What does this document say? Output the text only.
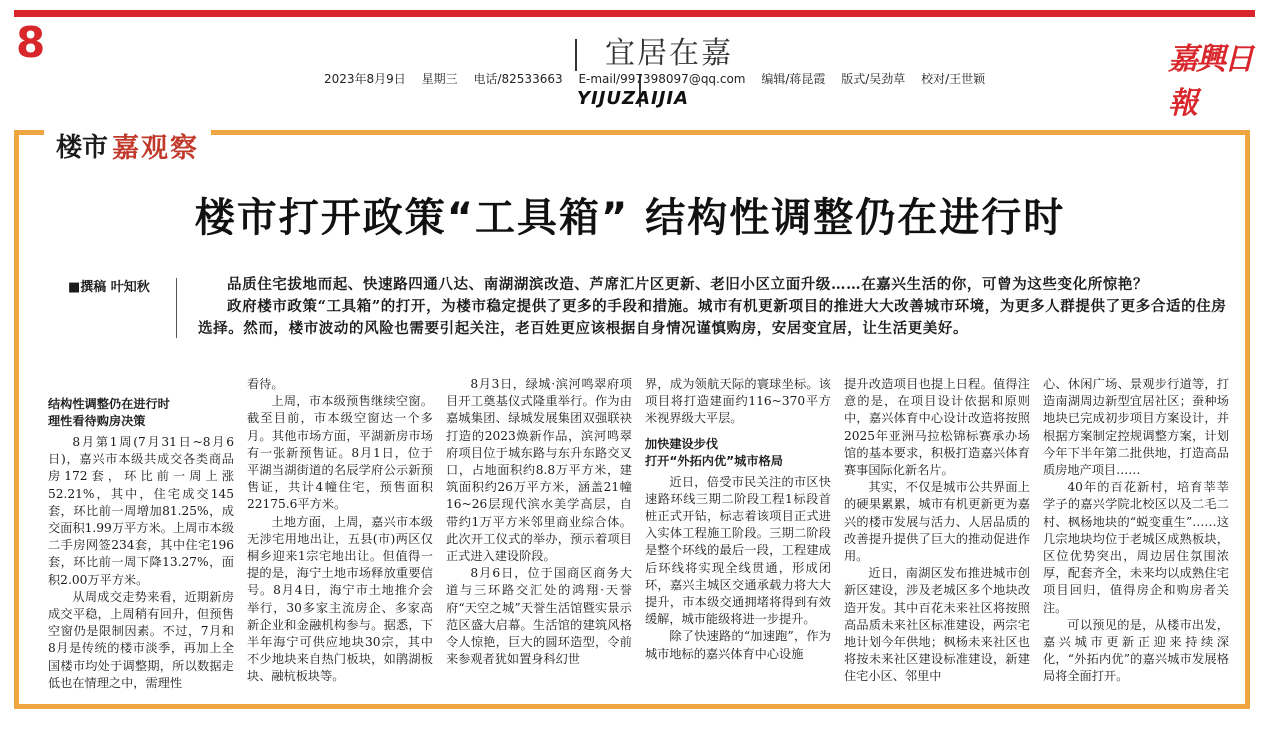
8	宜居在嘉
2023年8月9日 星期三 电话/82533663 E-mail/997398097@qq.com 编辑/蒋昆霞 版式/吴劲草 校对/王世颖
YIJUZAIJIA
嘉興日報
楼市 嘉观察
楼市打开政策“工具箱” 结构性调整仍在进行时
■撰稿 叶知秋	品质住宅拔地而起、快速路四通八达、南湖湖滨改造、芦席汇片区更新、老旧小区立面升级……在嘉兴生活的你，可曾为这些变化所惊艳？

政府楼市政策“工具箱”的打开，为楼市稳定提供了更多的手段和措施。城市有机更新项目的推进大大改善城市环境，为更多人群提供了更多合适的住房选择。然而，楼市波动的风险也需要引起关注，老百姓更应该根据自身情况谨慎购房，安居变宜居，让生活更美好。

结构性调整仍在进行时
理性看待购房决策

8月第1周(7月31日~8月6日)，嘉兴市本级共成交各类商品房172套，环比前一周上涨52.21%，其中，住宅成交145套，环比前一周增加81.25%，成交面积1.99万平方米。上周市本级二手房网签234套，其中住宅196套，环比前一周下降13.27%，面积2.00万平方米。

从周成交走势来看，近期新房成交平稳，上周稍有回升，但预售空窗仍是限制因素。不过，7月和8月是传统的楼市淡季，再加上全国楼市均处于调整期，所以数据走低也在情理之中，需理性

看待。

上周，市本级预售继续空窗。截至目前，市本级空窗达一个多月。其他市场方面，平湖新房市场有一张新预售证。8月1日，位于平湖当湖街道的名辰学府公示新预售证，共计4幢住宅，预售面积22175.6平方米。

土地方面，上周，嘉兴市本级无涉宅用地出让，五县(市)两区仅桐乡迎来1宗宅地出让。但值得一提的是，海宁土地市场释放重要信号。8月4日，海宁市土地推介会举行，30多家主流房企、多家高新企业和金融机构参与。据悉，下半年海宁可供应地块30宗，其中不少地块来自热门板块，如鹃湖板块、融杭板块等。

8月3日，绿城·滨河鸣翠府项目开工奠基仪式隆重举行。作为由嘉城集团、绿城发展集团双强联袂打造的2023焕新作品，滨河鸣翠府项目位于城东路与东升东路交叉口，占地面积约8.8万平方米，建筑面积约26万平方米，涵盖21幢16~26层现代滨水美学高层，自带约1万平方米邻里商业综合体。此次开工仪式的举办，预示着项目正式进入建设阶段。

8月6日，位于国商区商务大道与三环路交汇处的鸿翔·天誉府“天空之城”天誉生活馆暨实景示范区盛大启幕。生活馆的建筑风格令人惊艳，巨大的圆环造型，令前来参观者犹如置身科幻世

界，成为领航天际的寰球坐标。该项目将打造建面约116~370平方米视界级大平层。

加快建设步伐
打开“外拓内优”城市格局

近日，倍受市民关注的市区快速路环线三期二阶段工程1标段首桩正式开钻，标志着该项目正式进入实体工程施工阶段。三期二阶段是整个环线的最后一段，工程建成后环线将实现全线贯通，形成闭环，嘉兴主城区交通承载力将大大提升，市本级交通拥堵将得到有效缓解，城市能级将进一步提升。

除了快速路的“加速跑”，作为城市地标的嘉兴体育中心设施

提升改造项目也提上日程。值得注意的是，在项目设计依据和原则中，嘉兴体育中心设计改造将按照2025年亚洲马拉松锦标赛承办场馆的基本要求，积极打造嘉兴体育赛事国际化新名片。

其实，不仅是城市公共界面上的硬果累累，城市有机更新更为嘉兴的楼市发展与活力、人居品质的改善提升提供了巨大的推动促进作用。

近日，南湖区发布推进城市创新区建设，涉及老城区多个地块改造开发。其中百花未来社区将按照高品质未来社区标准建设，两宗宅地计划今年供地；枫杨未来社区也将按未来社区建设标准建设，新建住宅小区、邻里中

心、休闲广场、景观步行道等，打造南湖周边新型宜居社区；蚕种场地块已完成初步项目方案设计，并根据方案制定控规调整方案，计划今年下半年第二批供地，打造高品质房地产项目……

40年的百花新村，培育莘莘学子的嘉兴学院北校区以及二毛二村、枫杨地块的“蜕变重生”……这几宗地块均位于老城区成熟板块，区位优势突出，周边居住氛围浓厚，配套齐全，未来均以成熟住宅项目回归，值得房企和购房者关注。

可以预见的是，从楼市出发，嘉兴城市更新正迎来持续深化，“外拓内优”的嘉兴城市发展格局将全面打开。
